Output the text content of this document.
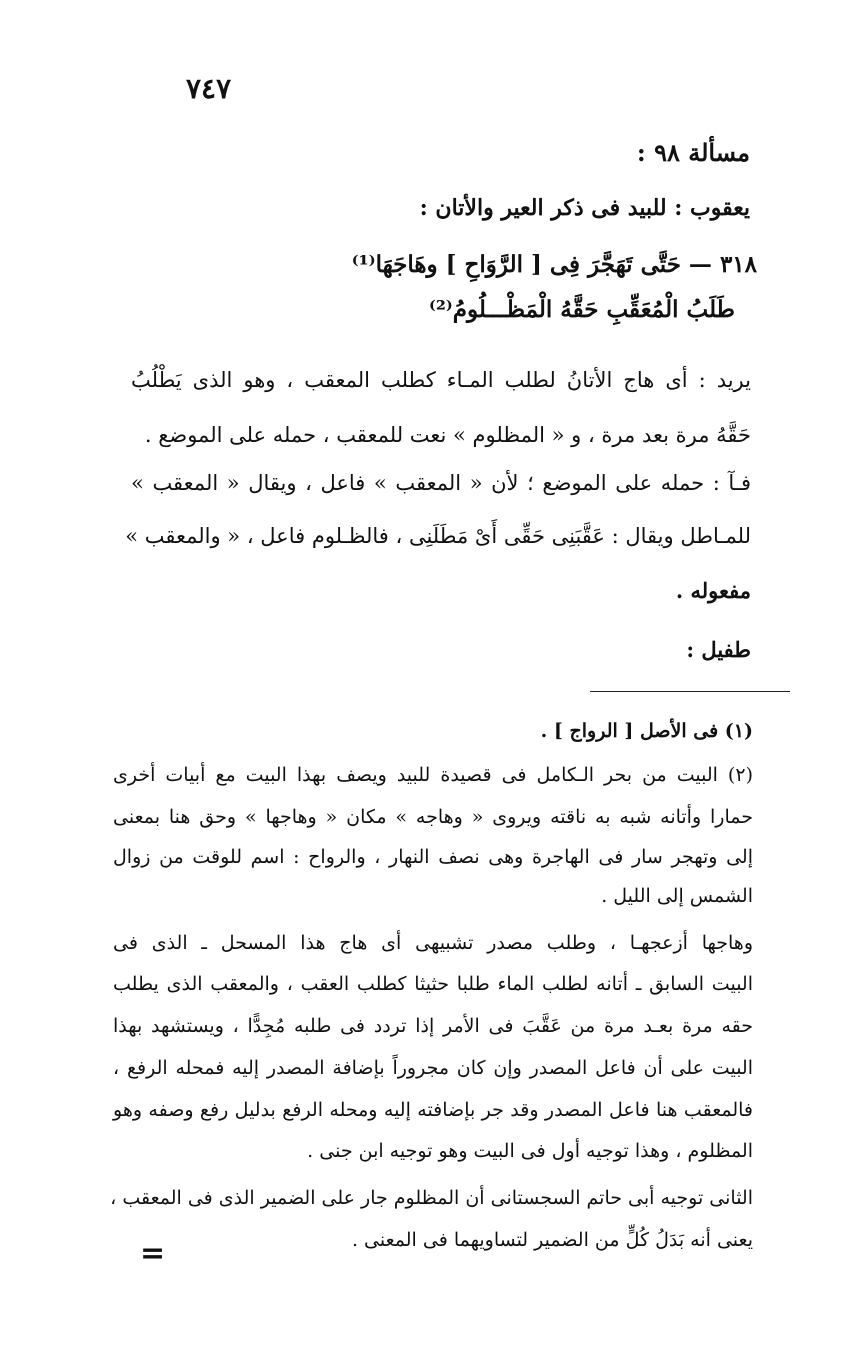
٧٤٧
مسألة ٩٨ :
يعقوب : للبيد فى ذكر العير والأتان :
٣١٨ — حَتَّى تَهَجَّرَ فِى [ الرَّوَاحِ ] وهَاجَهَا⁽¹⁾
طَلَبُ الْمُعَقِّبِ حَقَّهُ الْمَظْـــلُومُ⁽²⁾
يريد : أى هاج الأتانُ لطلب المـاء كطلب المعقب ، وهو الذى يَطْلُبُ
حَقَّهُ مرة بعد مرة ، و « المظلوم » نعت للمعقب ، حمله على الموضع .
فـآ : حمله على الموضع ؛ لأن « المعقب » فاعل ، ويقال « المعقب »
للمـاطل ويقال : عَقَّبَنِى حَقِّى أَىْ مَطَلَنِى ، فالظـلوم فاعل ، « والمعقب »
مفعوله .
طفيل :
(١) فى الأصل [ الرواج ] .
(٢) البيت من بحر الـكامل فى قصيدة للبيد ويصف بهذا البيت مع أبيات أخرى
حمارا وأتانه شبه به ناقته ويروى « وهاجه » مكان « وهاجها » وحق هنا بمعنى
إلى وتهجر سار فى الهاجرة وهى نصف النهار ، والرواح : اسم للوقت من زوال
الشمس إلى الليل .
وهاجها أزعجهـا ، وطلب مصدر تشبيهى أى هاج هذا المسحل ـ الذى فى
البيت السابق ـ أتانه لطلب الماء طلبا حثيثا كطلب العقب ، والمعقب الذى يطلب
حقه مرة بعـد مرة من عَقَّبَ فى الأمر إذا تردد فى طلبه مُجِدًّا ، ويستشهد بهذا
البيت على أن فاعل المصدر وإن كان مجروراً بإضافة المصدر إليه فمحله الرفع ،
فالمعقب هنا فاعل المصدر وقد جر بإضافته إليه ومحله الرفع بدليل رفع وصفه وهو
المظلوم ، وهذا توجيه أول فى البيت وهو توجيه ابن جنى .
الثانى توجيه أبى حاتم السجستانى أن المظلوم جار على الضمير الذى فى المعقب ،
يعنى أنه بَدَلُ كُلٍّ من الضمير لتساويهما فى المعنى .
=
